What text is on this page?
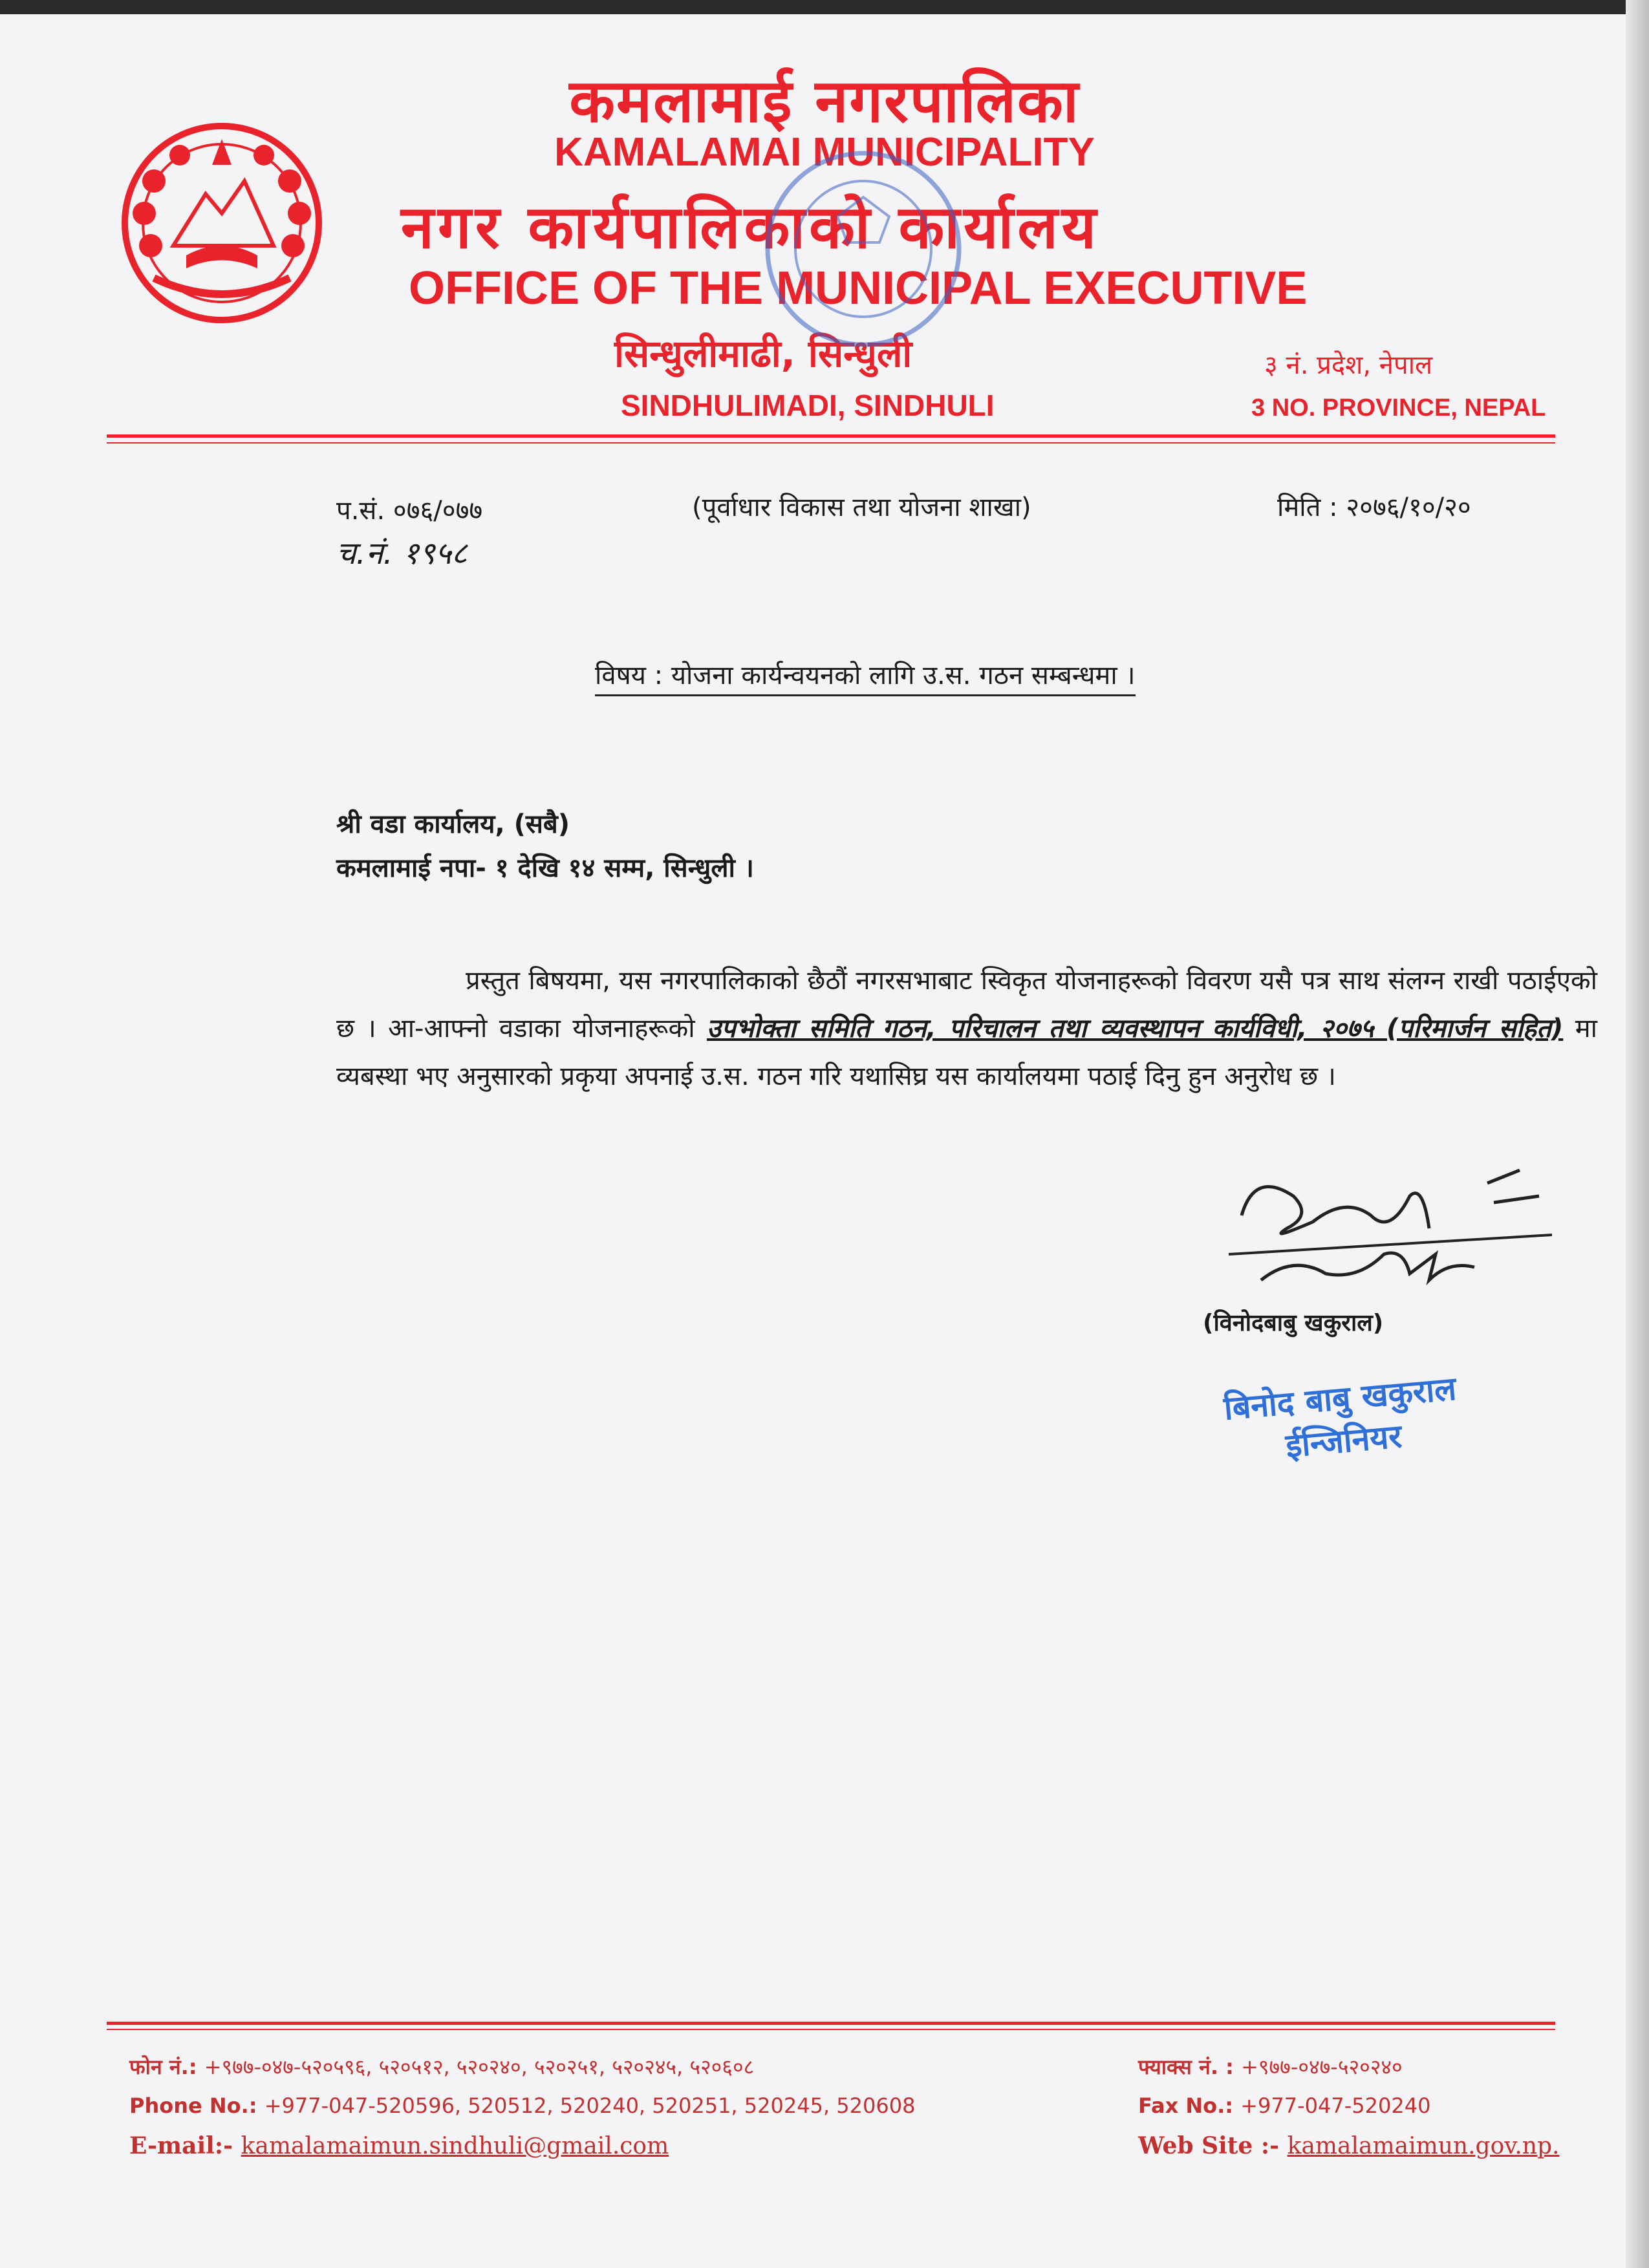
कमलामाई नगरपालिका
KAMALAMAI MUNICIPALITY
नगर कार्यपालिकाको कार्यालय
OFFICE OF THE MUNICIPAL EXECUTIVE
सिन्धुलीमाढी, सिन्धुली
SINDHULIMADI, SINDHULI
३ नं. प्रदेश, नेपाल
3 NO. PROVINCE, NEPAL
प.सं. ०७६/०७७
च.नं. १९५८
(पूर्वाधार विकास तथा योजना शाखा)	मिति : २०७६/१०/२०
विषय : योजना कार्यन्वयनको लागि उ.स. गठन सम्बन्धमा ।
श्री वडा कार्यालय, (सबै)
कमलामाई नपा- १ देखि १४ सम्म, सिन्धुली ।
प्रस्तुत बिषयमा, यस नगरपालिकाको छैठौं नगरसभाबाट स्विकृत योजनाहरूको विवरण यसै पत्र साथ संलग्न राखी पठाईएको छ । आ-आफ्नो वडाका योजनाहरूको उपभोक्ता समिति गठन, परिचालन तथा व्यवस्थापन कार्यविधी, २०७५ (परिमार्जन सहित) मा व्यबस्था भए अनुसारको प्रकृया अपनाई उ.स. गठन गरि यथासिघ्र यस कार्यालयमा पठाई दिनु हुन अनुरोध छ ।
(विनोदबाबु खकुराल)
बिनोद बाबु खकुराल
ईन्जिनियर
फोन नं.: +९७७-०४७-५२०५९६, ५२०५१२, ५२०२४०, ५२०२५१, ५२०२४५, ५२०६०८
Phone No.: +977-047-520596, 520512, 520240, 520251, 520245, 520608
E-mail:- kamalamaimun.sindhuli@gmail.com
फ्याक्स नं. : +९७७-०४७-५२०२४०
Fax No.: +977-047-520240
Web Site :- kamalamaimun.gov.np.
